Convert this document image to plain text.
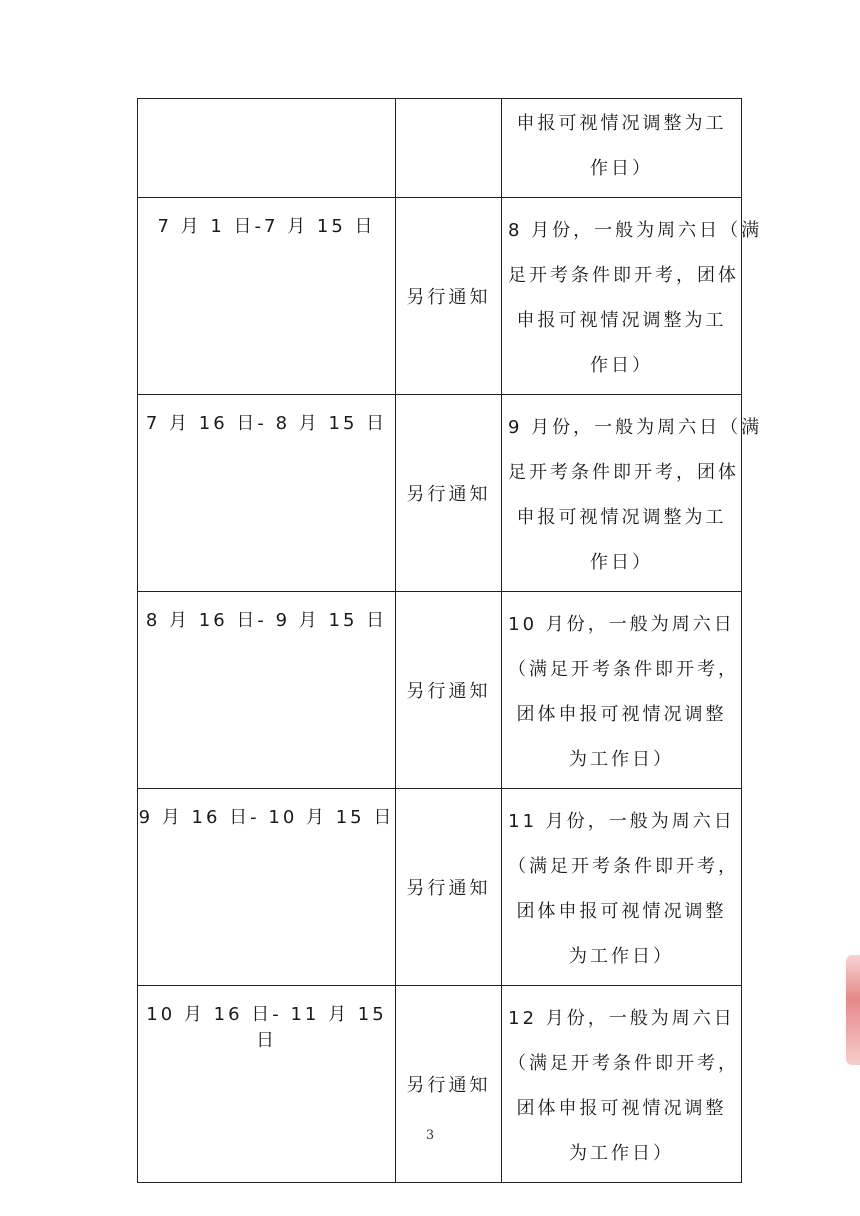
		申报可视情况调整为工
作日）

7 月 1 日-7 月 15 日	另行通知	8 月份，一般为周六日（满
足开考条件即开考，团体
申报可视情况调整为工
作日）

7 月 16 日- 8 月 15 日	另行通知	9 月份，一般为周六日（满
足开考条件即开考，团体
申报可视情况调整为工
作日）

8 月 16 日- 9 月 15 日	另行通知	10 月份，一般为周六日
（满足开考条件即开考，
团体申报可视情况调整
为工作日）

9 月 16 日- 10 月 15 日	另行通知	11 月份，一般为周六日
（满足开考条件即开考，
团体申报可视情况调整
为工作日）

10 月 16 日- 11 月 15 日	另行通知	12 月份，一般为周六日
（满足开考条件即开考，
团体申报可视情况调整
为工作日）
3
